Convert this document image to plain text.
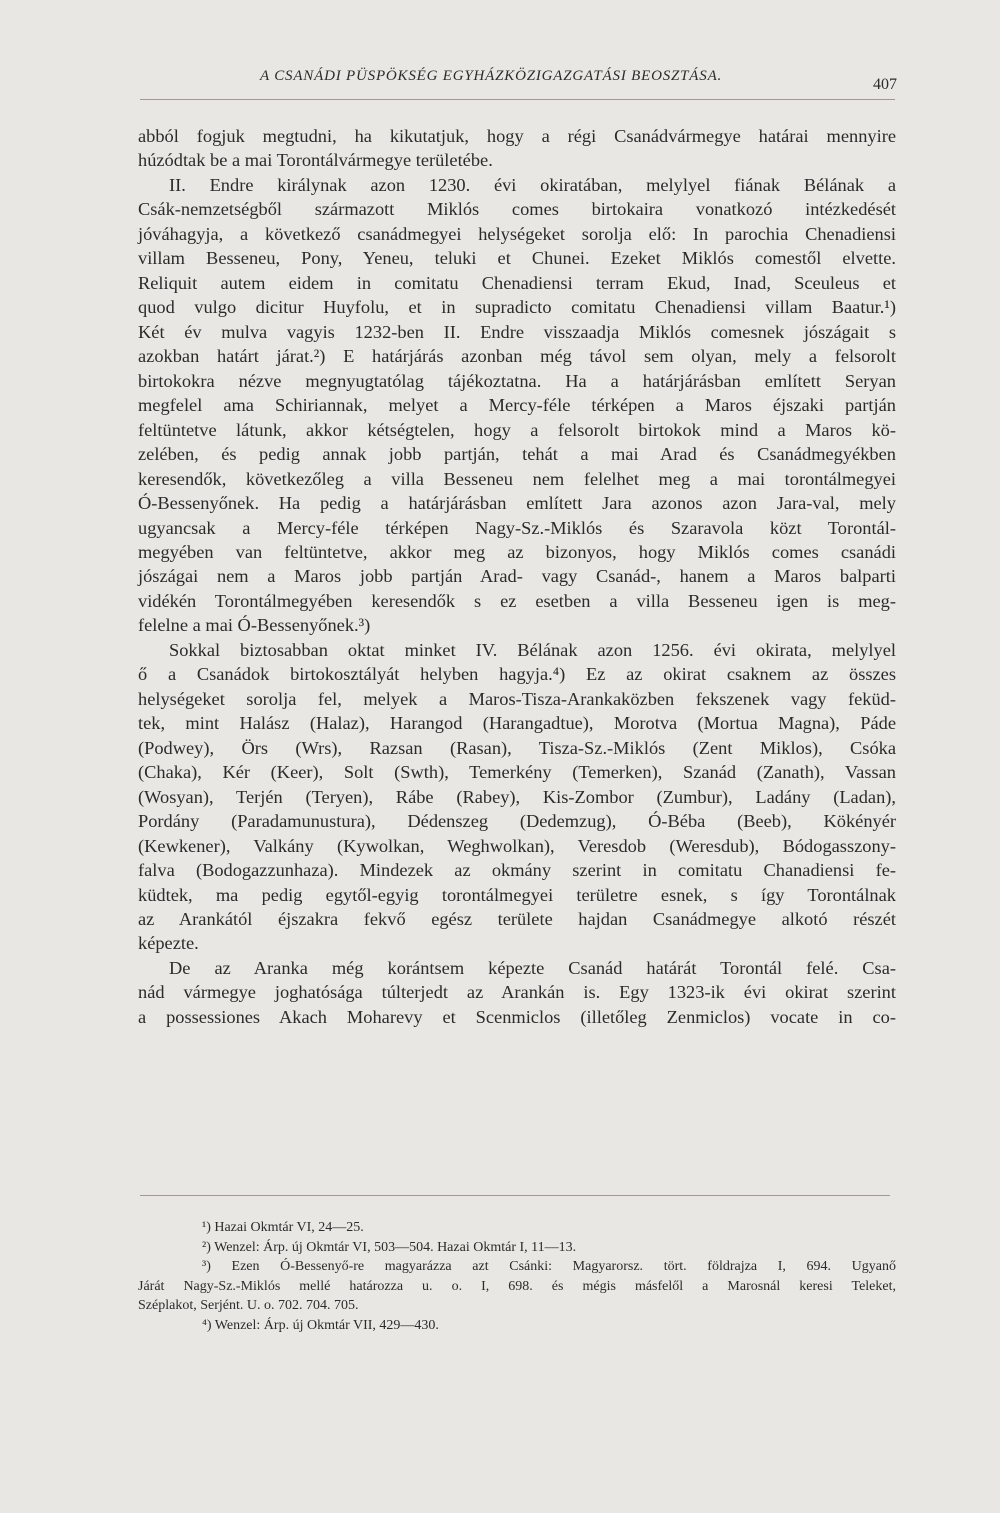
A CSANÁDI PÜSPÖKSÉG EGYHÁZKÖZIGAZGATÁSI BEOSZTÁSA.	407
abból fogjuk megtudni, ha kikutatjuk, hogy a régi Csanádvármegye határai mennyire
húzódtak be a mai Torontálvármegye területébe.
II. Endre királynak azon 1230. évi okiratában, melylyel fiának Bélának a
Csák-nemzetségből származott Miklós comes birtokaira vonatkozó intézkedését
jóváhagyja, a következő csanádmegyei helységeket sorolja elő: In parochia Chenadiensi
villam Besseneu, Pony, Yeneu, teluki et Chunei. Ezeket Miklós comestől elvette.
Reliquit autem eidem in comitatu Chenadiensi terram Ekud, Inad, Sceuleus et
quod vulgo dicitur Huyfolu, et in supradicto comitatu Chenadiensi villam Baatur.¹)
Két év mulva vagyis 1232-ben II. Endre visszaadja Miklós comesnek jószágait s
azokban határt járat.²) E határjárás azonban még távol sem olyan, mely a felsorolt
birtokokra nézve megnyugtatólag tájékoztatna. Ha a határjárásban említett Seryan
megfelel ama Schiriannak, melyet a Mercy-féle térképen a Maros éjszaki partján
feltüntetve látunk, akkor kétségtelen, hogy a felsorolt birtokok mind a Maros kö-
zelében, és pedig annak jobb partján, tehát a mai Arad és Csanádmegyékben
keresendők, következőleg a villa Besseneu nem felelhet meg a mai torontálmegyei
Ó-Bessenyőnek. Ha pedig a határjárásban említett Jara azonos azon Jara-val, mely
ugyancsak a Mercy-féle térképen Nagy-Sz.-Miklós és Szaravola közt Torontál-
megyében van feltüntetve, akkor meg az bizonyos, hogy Miklós comes csanádi
jószágai nem a Maros jobb partján Arad- vagy Csanád-, hanem a Maros balparti
vidékén Torontálmegyében keresendők s ez esetben a villa Besseneu igen is meg-
felelne a mai Ó-Bessenyőnek.³)
Sokkal biztosabban oktat minket IV. Bélának azon 1256. évi okirata, melylyel
ő a Csanádok birtokosztályát helyben hagyja.⁴) Ez az okirat csaknem az összes
helységeket sorolja fel, melyek a Maros-Tisza-Arankaközben fekszenek vagy feküd-
tek, mint Halász (Halaz), Harangod (Harangadtue), Morotva (Mortua Magna), Páde
(Podwey), Örs (Wrs), Razsan (Rasan), Tisza-Sz.-Miklós (Zent Miklos), Csóka
(Chaka), Kér (Keer), Solt (Swth), Temerkény (Temerken), Szanád (Zanath), Vassan
(Wosyan), Terjén (Teryen), Rábe (Rabey), Kis-Zombor (Zumbur), Ladány (Ladan),
Pordány (Paradamunustura), Dédenszeg (Dedemzug), Ó-Béba (Beeb), Kökényér
(Kewkener), Valkány (Kywolkan, Weghwolkan), Veresdob (Weresdub), Bódogasszony-
falva (Bodogazzunhaza). Mindezek az okmány szerint in comitatu Chanadiensi fe-
küdtek, ma pedig egytől-egyig torontálmegyei területre esnek, s így Torontálnak
az Arankától éjszakra fekvő egész területe hajdan Csanádmegye alkotó részét
képezte.
De az Aranka még korántsem képezte Csanád határát Torontál felé. Csa-
nád vármegye joghatósága túlterjedt az Arankán is. Egy 1323-ik évi okirat szerint
a possessiones Akach Moharevy et Scenmiclos (illetőleg Zenmiclos) vocate in co-
¹) Hazai Okmtár VI, 24—25.
²) Wenzel: Árp. új Okmtár VI, 503—504. Hazai Okmtár I, 11—13.
³) Ezen Ó-Bessenyő-re magyarázza azt Csánki: Magyarorsz. tört. földrajza I, 694. Ugyanő
Járát Nagy-Sz.-Miklós mellé határozza u. o. I, 698. és mégis másfelől a Marosnál keresi Teleket,
Széplakot, Serjént. U. o. 702. 704. 705.
⁴) Wenzel: Árp. új Okmtár VII, 429—430.
